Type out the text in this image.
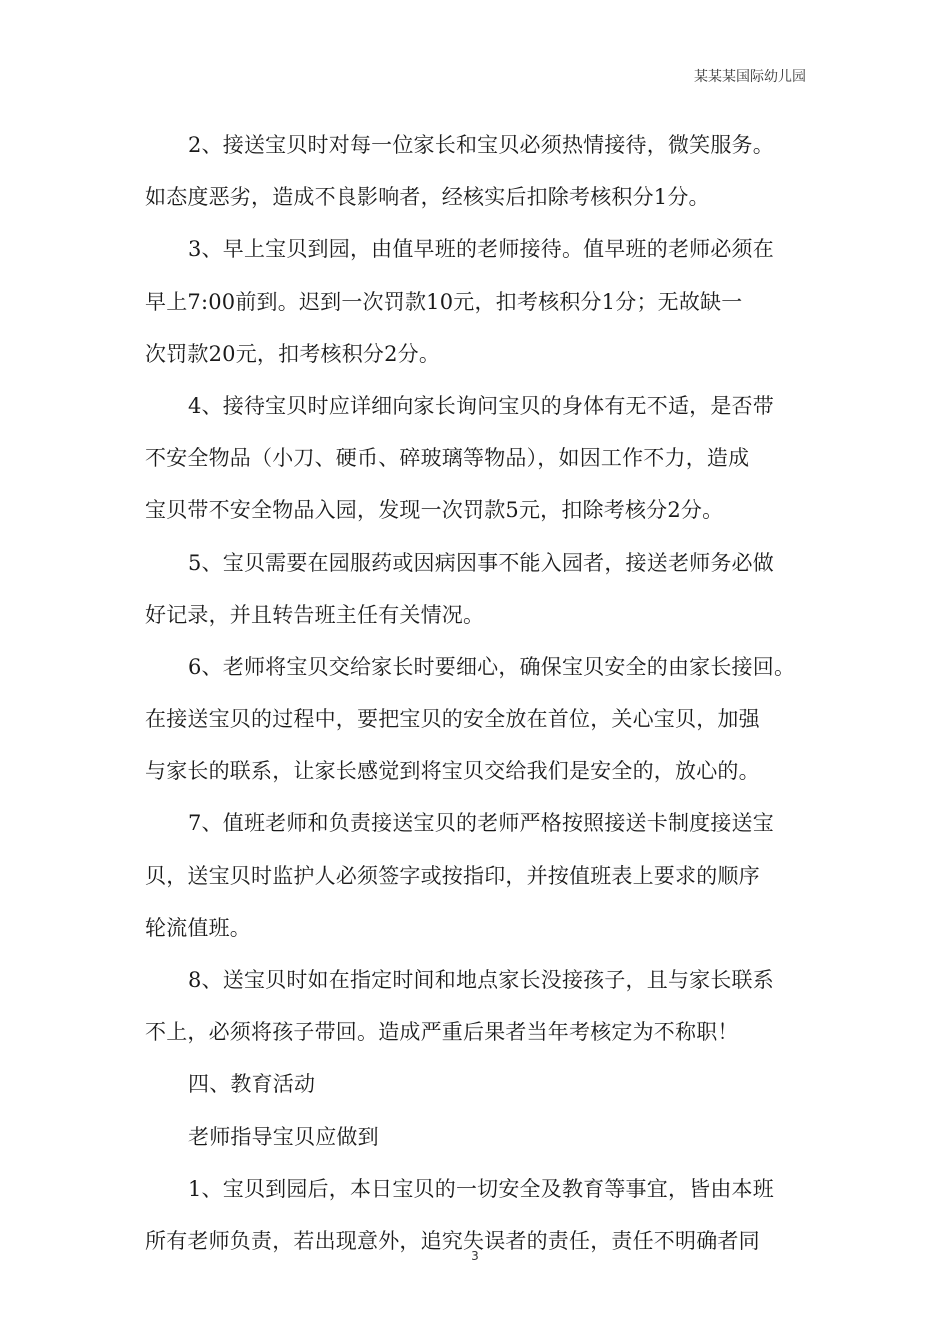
某某某国际幼儿园
2、接送宝贝时对每一位家长和宝贝必须热情接待，微笑服务。
如态度恶劣，造成不良影响者，经核实后扣除考核积分1分。
3、早上宝贝到园，由值早班的老师接待。值早班的老师必须在
早上7:00前到。迟到一次罚款10元，扣考核积分1分；无故缺一
次罚款20元，扣考核积分2分。
4、接待宝贝时应详细向家长询问宝贝的身体有无不适，是否带
不安全物品（小刀、硬币、碎玻璃等物品），如因工作不力，造成
宝贝带不安全物品入园，发现一次罚款5元，扣除考核分2分。
5、宝贝需要在园服药或因病因事不能入园者，接送老师务必做
好记录，并且转告班主任有关情况。
6、老师将宝贝交给家长时要细心，确保宝贝安全的由家长接回。
在接送宝贝的过程中，要把宝贝的安全放在首位，关心宝贝，加强
与家长的联系，让家长感觉到将宝贝交给我们是安全的，放心的。
7、值班老师和负责接送宝贝的老师严格按照接送卡制度接送宝
贝，送宝贝时监护人必须签字或按指印，并按值班表上要求的顺序
轮流值班。
8、送宝贝时如在指定时间和地点家长没接孩子，且与家长联系
不上，必须将孩子带回。造成严重后果者当年考核定为不称职！
四、教育活动
老师指导宝贝应做到
1、宝贝到园后，本日宝贝的一切安全及教育等事宜，皆由本班
所有老师负责，若出现意外，追究失误者的责任，责任不明确者同
3
